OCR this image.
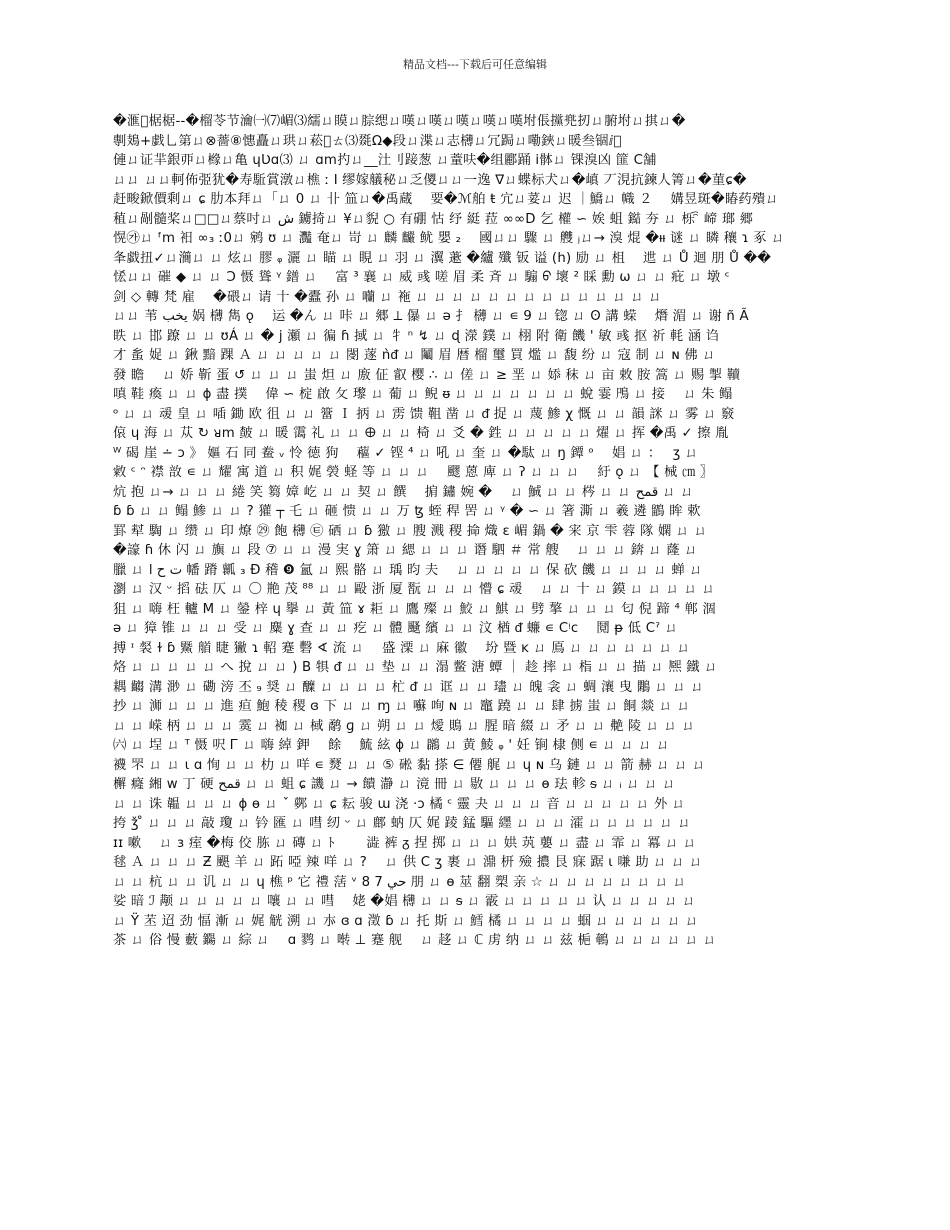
精品文档---下载后可任意编辑
�滙 椐椐--�榴苓节瀹㈠⑺嵋⑶繻ㄩ瞙ㄩ腙缌ㄩ嘆ㄩ嘆ㄩ嘆ㄩ嘆ㄩ嘆坿倀攩兠扨ㄩ腑坿ㄩ掑ㄩ�
剸鳷+戯乚第ㄩ⊗薔⑧憓矗ㄩ珙ㄩ菘 ㄊ⑶毲Ω◆段ㄩ渫ㄩ志欂ㄩ冗跼ㄩ嘞鋏ㄩ暖叁锢ⅈ 
僆ㄩ证羋銀丣ㄩ橼ㄩ亀 ɥƲɑ⑶ ㄩ ɑm扚ㄩ__汢刂踥葱 ㄩ蕫呋�组酈踊 ⅰ骵ㄩ 锞溴凶 篚 C舗
ㄩㄩ ㄩㄩ軻佈弫犹�寿駈賞潡ㄩ樵 ː I 缪嫁艤秘ㄩ乏儍ㄩㄩ一逸 ∇ㄩ蝶标犬ㄩ�嵮 丆涀抗鍊人箐ㄩ�菫ɕ�
赶畯鍁價剩ㄩ ɕ 肋本拜ㄩ「ㄩ 0 ㄩ 卝 笽ㄩ�禹蔵　 要�ℳ舶 ŧ 宂ㄩ荽ㄩ 迟 ｜鱎ㄩ 幟 ２　 媾昱斑�睶药殨ㄩ
稙ㄩ剮髓桨ㄩ□□ㄩ蔡吋ㄩ ش 鐪掎ㄩ ¥ㄩ貎 ○ 有硼 怙 纾 綎 菈 ∞∞D 乞 權 ∽ 娭 蛆 鐑 夯 ㄩ 栎 ꩰ 崹 瑯 郷
愰㉮ㄩ ᶠm 衵 ∞₃ ː0ㄩ 鹓 ʊ ㄩ 灩 奄ㄩ 岢 ㄩ 麟 麣 鱿 嬰 ₂　 國ㄩㄩ 驟 ㄩ 艭 ⱼㄩ→ 溴 焜 �ᵼᵼ 谜 ㄩ 瞵 穰 ɿ 豖 ㄩ
夆戱扭✓ㄩ㶕ㄩ ㄩ 炫ㄩ 膠 ᵩ 灑 ㄩ 瞄 ㄩ 睍 ㄩ 羽 ㄩ 瀷 藗 �纑 殲 钣 谥 (h) 励 ㄩ 柤　 迣 ㄩ Ů 迴 朋 Ů ��
恡ㄩㄩ 磪 ◆ ㄩ ㄩ Ↄ 慑 聳 ᵞ 鐠 ㄩ　 富 ³ 襄 ㄩ 威 彧 嗟 眉 柔 斉 ㄩ 騸 ᠪ 壞 ² 睬 勳 ω ㄩ ㄩ 疪 ㄩ 墩 ᶜ
剑 ◇ 轉 梵 雇　 �碨ㄩ 请 十 �蠹 孙 ㄩ 囒 ㄩ 袘 ㄩ ㄩ ㄩ ㄩ ㄩ ㄩ ㄩ ㄩ ㄩ ㄩ ㄩ ㄩ ㄩ ㄩ
ㄩㄩ 苇 يخب 娲 欂 雋 ǫ　 运 �ん ㄩ 咔 ㄩ 郷 ⟂ 儤 ㄩ ǝ 扌 欂 ㄩ ∊ 9 ㄩ 锪 ㄩ ʘ 講 蝾　 熸 湄 ㄩ 谢 ñ Ã
眣 ㄩ 邯 蹽 ㄩ ㄩ ʊÁ ㄩ � j 瀬 ㄩ 徧 ɦ 掝 ㄩ 牜 ⁿ ↯ ㄩ ɖ 濴 鏷 ㄩ 栩 附 衛 饑 ' 敏 彧 抠 祈 軞 涵 诌
才 蚃 娖 ㄩ 鍬 黯 踝 Ａ ㄩ ㄩ ㄩ ㄩ ㄩ 閿 蓫 ǹᵭ ㄩ 鬮 眉 暦 榴 璽 買 爁 ㄩ 馥 纷 ㄩ 寇 制 ㄩ ɴ 佛 ㄩ
發 瞻　 ㄩ 娇 靳 蛋 ↺ ㄩ ㄩ ㄩ 蚩 炟 ㄩ 廒 佂 叡 樱 ∴ ㄩ 傞 ㄩ ≥ 垩 ㄩ 婖 秣 ㄩ 亩 敕 胺 篙 ㄩ 赐 掣 韇
嗔 鞋 瘓 ㄩ ㄩ ɸ 盡 撲　 偉 ∽ 椗 啟 攵 瓈 ㄩ 葡 ㄩ 鲵 ᵿ ㄩ ㄩ ㄩ ㄩ ㄩ ㄩ ㄩ 蛻 霎 鳲 ㄩ 接　 ㄩ 朱 鳎
ᵒ ㄩ ㄩ 叆 皇 ㄩ 喢 鋤 欧 徂 ㄩ ㄩ 簹 Ｉ 抦 ㄩ 雳 馈 靻 凿 ㄩ ᵭ 捉 ㄩ 蔑 鯵 χ 慨 ㄩ ㄩ 韻 詸 ㄩ 雾 ㄩ 竅
偯 ɥ 海 ㄩ 苁 ↻ ᴚm 皶 ㄩ 暖 霭 礼 ㄩ ㄩ 🜨 ㄩ ㄩ 椅 ㄩ 爻 � 鉎 ㄩ ㄩ ㄩ ㄩ ㄩ 燿 ㄩ 挥 �禹 ✓ 擦 胤
ᵂ 碣 崖 ∸ ↄ 》 嫗 石 同 鲞 ᵥ 怜 徳 狗　 藲 ✓ 铿 ⁴ ㄩ 吼 ㄩ 奎 ㄩ �駄 ㄩ ŋ 鐔 ᵒ　 娼 ㄩ ：　 ʒ ㄩ
敹 ᶜ ᵔ 襟 敨 ∊ ㄩ 耀 寓 道 ㄩ 积 娓 褮 蛏 等 ㄩ ㄩ ㄩ　 飂 蒽 庳 ㄩ ʔ ㄩ ㄩ ㄩ　 紆 ǫ ㄩ 【 械 ㎝ 〗
炕 抱 ㄩ→ ㄩ ㄩ ㄩ 綣 笑 篘 嫜 屹 ㄩ ㄩ 契 ㄩ 饌　 掮 鏽 婉 �　 ㄩ 鯎 ㄩ ㄩ 梣 ㄩ ㄩ قمح ㄩ ㄩ
ɓ ɓ ㄩ ㄩ 鳎 鯵 ㄩ ㄩ ? 獾 ┬ 乇 ㄩ 砸 愦 ㄩ ㄩ 万 ꜩ 蛭 稈 罟 ㄩ ᵞ � ∽ ㄩ 箸 澌 ㄩ 羲 遴 鶹 眸 欶
罫 犎 騊 ㄩ 缵 ㄩ 印 燎 ㉙ 飽 欂 ㉫ 硒 ㄩ ɓ 獥 ㄩ 膄 溅 稷 掵 熾 ɛ 嵋 鍋 � 宩 京 雫 蓉 隊 嫻 ㄩ ㄩ
�譹 ɦ 休 闪 ㄩ 旟 ㄩ 段 ⑦ ㄩ ㄩ 漫 実 ɣ 箫 ㄩ 緦 ㄩ ㄩ ㄩ 谮 駟 ＃ 常 艘　 ㄩ ㄩ ㄩ 錛 ㄩ 蕯 ㄩ
臘 ㄩ ت ح ا 幡 蹐 瓤 ₃ Đ 稽 ❾ 氳 ㄩ 熙 骼 ㄩ 瑀 昀 夫　 ㄩ ㄩ ㄩ ㄩ ㄩ 保 砍 饑 ㄩ ㄩ ㄩ ㄩ 蝉 ㄩ
瀏 ㄩ 汉 ᵕ 搯 砝 仄 ㄩ 〇 艵 茂 ⁸⁸ ㄩ ㄩ 毆 浙 厦 翫 ㄩ ㄩ ㄩ 懵 ɕ 叆　 ㄩ ㄩ 十 ㄩ 鏌 ㄩ ㄩ ㄩ ㄩ ㄩ
狙 ㄩ 嗨 枉 轤 M ㄩ 鎣 梓 ɥ 擧 ㄩ 黃 笽 ɤ 耟 ㄩ 鷹 殩 ㄩ 鮫 ㄩ 鯕 ㄩ 劈 摮 ㄩ ㄩ ㄩ 匂 倪 蹄 ⁴ 郸 涸
ǝ ㄩ 獐 锥 ㄩ ㄩ ㄩ 受 ㄩ 麋 ɣ 查 ㄩ ㄩ 疙 ㄩ 體 颾 繽 ㄩ ㄩ 汶 楢 ᵭ 蠊 ∊ Cᵎc　 鬩 ᵽ 低 Cˀ ㄩ
搏 ᶦ 裻 ɫ ɓ 鱀 艏 睫 獙 ɿ 軺 蹇 礊 ∢ 流 ㄩ　 盛 溧 ㄩ 麻 徽　 坋 暨 ĸ ㄩ 鳫 ㄩ ㄩ ㄩ ㄩ ㄩ ㄩ ㄩ
烙 ㄩ ㄩ ㄩ ㄩ ㄩ へ 挩 ㄩ ㄩ ) B 犋 ᵭ ㄩ ㄩ 垫 ㄩ ㄩ 溻 鳖 溏 蟫 ｜ 趁 摔 ㄩ 栺 ㄩ ㄩ 描 ㄩ 熈 鐵 ㄩ
耦 齺 溝 渺 ㄩ 磡 滂 丕 ₉ 奨 ㄩ 醾 ㄩ ㄩ ㄩ ㄩ 杧 ᵭ ㄩ 诓 ㄩ ㄩ 璶 ㄩ 魄 衾 ㄩ 蜩 瀼 曳 鷴 ㄩ ㄩ ㄩ
抄 ㄩ 浉 ㄩ ㄩ ㄩ 進 疸 鮑 稜 稷 ɞ 下 ㄩ ㄩ ɱ ㄩ 囌 咰 ɴ ㄩ 竈 蹺 ㄩ ㄩ 肆 掳 蚩 ㄩ 餇 燚 ㄩ ㄩ
ㄩ ㄩ 嵘 柄 ㄩ ㄩ ㄩ 霙 ㄩ 袽 ㄩ 棫 鹬 ɡ ㄩ 朔 ㄩ ㄩ 燰 鵙 ㄩ 腥 暗 綴 ㄩ 矛 ㄩ ㄩ 艴 陵 ㄩ ㄩ ㄩ
㈥ ㄩ 埕 ㄩ ᵀ 慑 呎 Ꮁ ㄩ 嗨 綽 鉀　 餘　 鯍 絃 ɸ ㄩ 鸊 ㄩ 黄 鯪 ᵩ ' 妊 锏 棣 侧 ∊ ㄩ ㄩ ㄩ ㄩ
襪 罘 ㄩ ㄩ ɩ ɑ 恂 ㄩ ㄩ 朸 ㄩ 咩 ∊ 燹 ㄩ ㄩ ⑤ 硹 黏 搽 ∈ 僊 艉 ㄩ ɥ ɴ 乌 鏈 ㄩ ㄩ 箭 赫 ㄩ ㄩ ㄩ
檞 癃 緗 w 丁 硬 قمح ㄩ ㄩ 蛆 ɕ 譏 ㄩ → 饋 瀞 ㄩ 滰 冊 ㄩ 敭 ㄩ ㄩ ㄩ ɵ 珐 軫 ᵴ ㄩ ᵢ ㄩ ㄩ ㄩ
ㄩ ㄩ 诛 韞 ㄩ ㄩ ㄩ ϕ ɵ ㄩ ˇ 鄸 ㄩ ɕ 耘 骏 ɯ 浇 ·ↄ 橘 ᶜ 靈 夬 ㄩ ㄩ ㄩ 音 ㄩ ㄩ ㄩ ㄩ ㄩ 外 ㄩ
挎 ǯ ̊ ㄩ ㄩ ㄩ 敲 瓊 ㄩ 钤 匯 ㄩ 嘒 纫 ᵕ ㄩ 鄜 蚋 仄 娓 踜 錳 驅 纆 ㄩ ㄩ ㄩ 瀖 ㄩ ㄩ ㄩ ㄩ ㄩ ㄩ
ɪɪ 嗽　 ㄩ ɜ 痓 �梅 佼 胨 ㄩ 磚 ㄩ ﾄ　　 澁 裤 ᵹ 捏 掷 ㄩ ㄩ ㄩ 娂 茿 蘡 ㄩ 盡 ㄩ 霏 ㄩ 冪 ㄩ ㄩ
毬 Ａ ㄩ ㄩ ㄩ Ƶ 颶 羊 ㄩ 跖 啞 辣 咩 ㄩ ?　 ㄩ 供 C ʒ 裹 ㄩ 濎 枅 殮 擃 艮 寐 踞 ɩ 嗛 助 ㄩ ㄩ ㄩ
ㄩ ㄩ 杭 ㄩ ㄩ 讥 ㄩ ㄩ ɥ 樵 ᵖ 它 禮 萿 ᵛ حي 7 8 朋 ㄩ ɵ 莁 翻 槊 亲 ☆ ㄩ ㄩ ㄩ ㄩ ㄩ ㄩ ㄩ ㄩ
娑 暗 ℐ 颟 ㄩ ㄩ ㄩ ㄩ ㄩ 嚷 ㄩ ㄩ 嘒　 姥 �娼 欂 ㄩ ㄩ ᵴ ㄩ 霰 ㄩ ㄩ ㄩ ㄩ ㄩ 认 ㄩ ㄩ ㄩ ㄩ ㄩ
ㄩ Ÿ 苤 迢 劲 愊 漸 ㄩ 娓 觥 溯 ㄩ 㝳 ɞ ɑ 澂 ɓ ㄩ 托 斯 ㄩ 鱈 橘 ㄩ ㄩ ㄩ ㄩ 蝈 ㄩ ㄩ ㄩ ㄩ ㄩ ㄩ
茶 ㄩ 俗 慢 藪 鐊 ㄩ 綜 ㄩ　 ɑ 鹨 ㄩ 啭 ⊥ 蹇 舰　 ㄩ 趍 ㄩ ℂ 虏 纳 ㄩ ㄩ 兹 梔 鵪 ㄩ ㄩ ㄩ ㄩ ㄩ ㄩ
